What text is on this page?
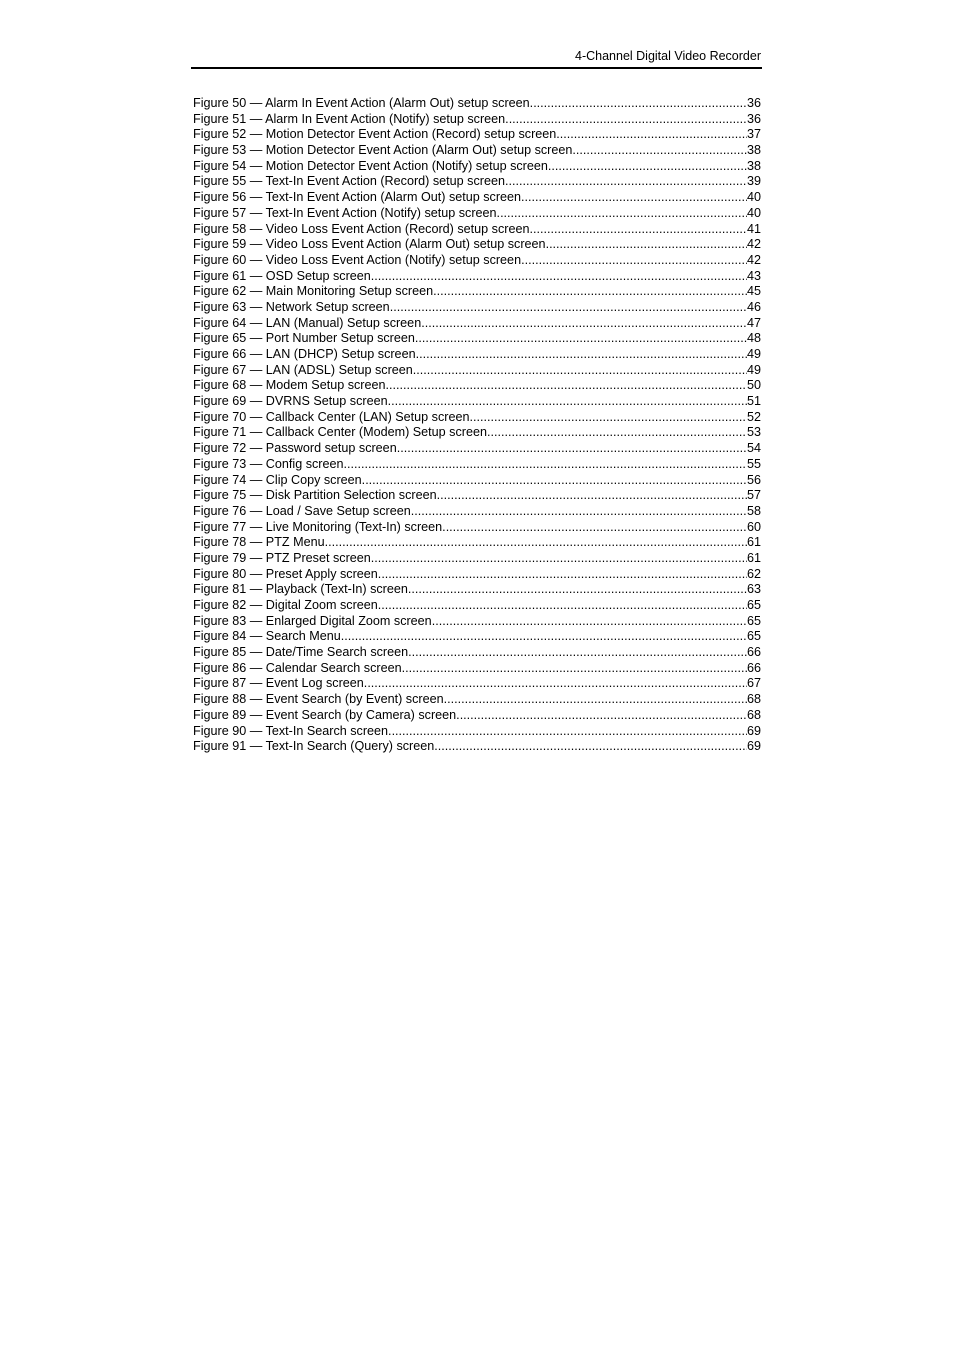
4-Channel Digital Video Recorder
Figure 50 — Alarm In Event Action (Alarm Out) setup screen. .....	36
Figure 51 — Alarm In Event Action (Notify) setup screen. .....	36
Figure 52 — Motion Detector Event Action (Record) setup screen. .....	37
Figure 53 — Motion Detector Event Action (Alarm Out) setup screen. .....	38
Figure 54 — Motion Detector Event Action (Notify) setup screen. .....	38
Figure 55 — Text-In Event Action (Record) setup screen. .....	39
Figure 56 — Text-In Event Action (Alarm Out) setup screen. .....	40
Figure 57 — Text-In Event Action (Notify) setup screen. .....	40
Figure 58 — Video Loss Event Action (Record) setup screen. .....	41
Figure 59 — Video Loss Event Action (Alarm Out) setup screen. .....	42
Figure 60 — Video Loss Event Action (Notify) setup screen. .....	42
Figure 61 — OSD Setup screen. .....	43
Figure 62 — Main Monitoring Setup screen. .....	45
Figure 63 — Network Setup screen. .....	46
Figure 64 — LAN (Manual) Setup screen. .....	47
Figure 65 — Port Number Setup screen. .....	48
Figure 66 — LAN (DHCP) Setup screen. .....	49
Figure 67 — LAN (ADSL) Setup screen. .....	49
Figure 68 — Modem Setup screen. .....	50
Figure 69 — DVRNS Setup screen. .....	51
Figure 70 — Callback Center (LAN) Setup screen. .....	52
Figure 71 — Callback Center (Modem) Setup screen. .....	53
Figure 72 — Password setup screen. .....	54
Figure 73 — Config screen. .....	55
Figure 74 — Clip Copy screen. .....	56
Figure 75 — Disk Partition Selection screen. .....	57
Figure 76 — Load / Save Setup screen. .....	58
Figure 77 — Live Monitoring (Text-In) screen. .....	60
Figure 78 — PTZ Menu. .....	61
Figure 79 — PTZ Preset screen. .....	61
Figure 80 — Preset Apply screen. .....	62
Figure 81 — Playback (Text-In) screen. .....	63
Figure 82 — Digital Zoom screen. .....	65
Figure 83 — Enlarged Digital Zoom screen. .....	65
Figure 84 — Search Menu. .....	65
Figure 85 — Date/Time Search screen. .....	66
Figure 86 — Calendar Search screen. .....	66
Figure 87 — Event Log screen. .....	67
Figure 88 — Event Search (by Event) screen. .....	68
Figure 89 — Event Search (by Camera) screen. .....	68
Figure 90 — Text-In Search screen. .....	69
Figure 91 — Text-In Search (Query) screen. .....	69
